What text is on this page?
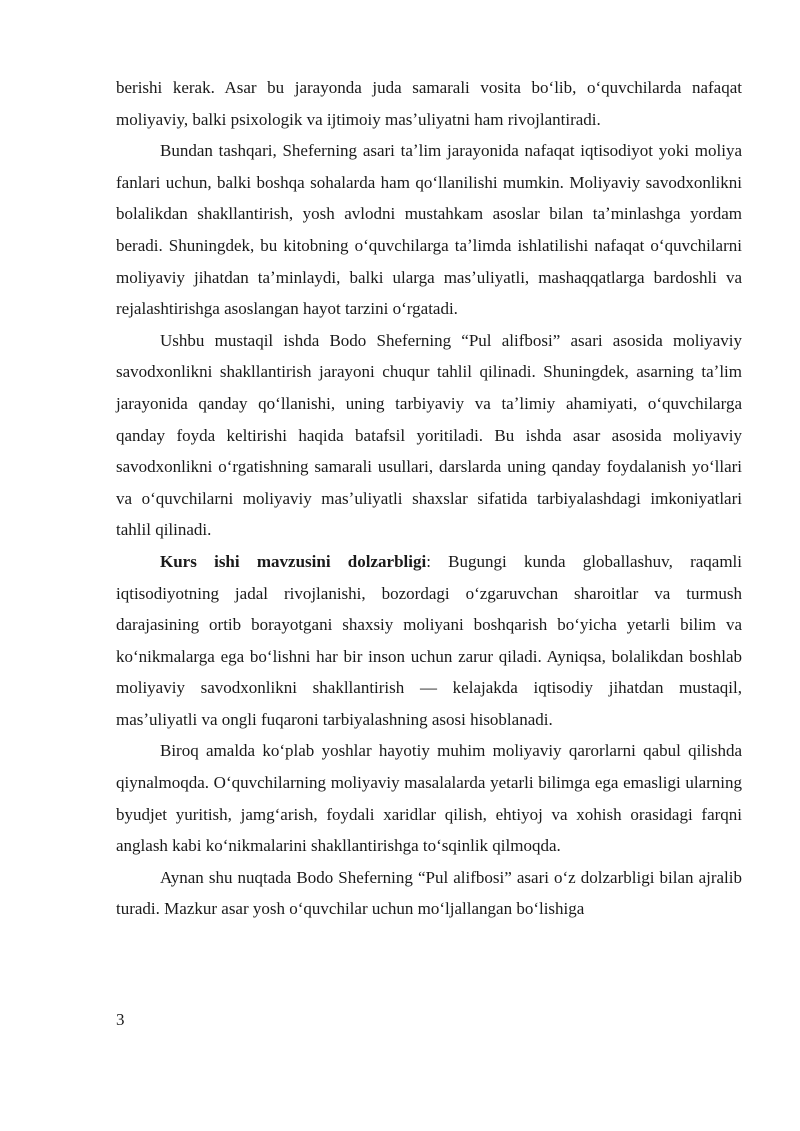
berishi kerak. Asar bu jarayonda juda samarali vosita boʻlib, oʻquvchilarda nafaqat moliyaviy, balki psixologik va ijtimoiy masʼuliyatni ham rivojlantiradi.

Bundan tashqari, Sheferning asari taʼlim jarayonida nafaqat iqtisodiyot yoki moliya fanlari uchun, balki boshqa sohalarda ham qoʻllanilishi mumkin. Moliyaviy savodxonlikni bolalikdan shakllantirish, yosh avlodni mustahkam asoslar bilan taʼminlashga yordam beradi. Shuningdek, bu kitobning oʻquvchilarga taʼlimda ishlatilishi nafaqat oʻquvchilarni moliyaviy jihatdan taʼminlaydi, balki ularga masʼuliyatli, mashaqqatlarga bardoshli va rejalashtirishga asoslangan hayot tarzini oʻrgatadi.

Ushbu mustaqil ishda Bodo Sheferning “Pul alifbosi” asari asosida moliyaviy savodxonlikni shakllantirish jarayoni chuqur tahlil qilinadi. Shuningdek, asarning taʼlim jarayonida qanday qoʻllanishi, uning tarbiyaviy va taʼlimiy ahamiyati, oʻquvchilarga qanday foyda keltirishi haqida batafsil yoritiladi. Bu ishda asar asosida moliyaviy savodxonlikni oʻrgatishning samarali usullari, darslarda uning qanday foydalanish yoʻllari va oʻquvchilarni moliyaviy masʼuliyatli shaxslar sifatida tarbiyalashdagi imkoniyatlari tahlil qilinadi.

Kurs ishi mavzusini dolzarbligi: Bugungi kunda globallashuv, raqamli iqtisodiyotning jadal rivojlanishi, bozordagi oʻzgaruvchan sharoitlar va turmush darajasining ortib borayotgani shaxsiy moliyani boshqarish boʻyicha yetarli bilim va koʻnikmalarga ega boʻlishni har bir inson uchun zarur qiladi. Ayniqsa, bolalikdan boshlab moliyaviy savodxonlikni shakllantirish — kelajakda iqtisodiy jihatdan mustaqil, masʼuliyatli va ongli fuqaroni tarbiyalashning asosi hisoblanadi.

Biroq amalda koʻplab yoshlar hayotiy muhim moliyaviy qarorlarni qabul qilishda qiynalmoqda. Oʻquvchilarning moliyaviy masalalarda yetarli bilimga ega emasligi ularning byudjet yuritish, jamgʻarish, foydali xaridlar qilish, ehtiyoj va xohish orasidagi farqni anglash kabi koʻnikmalarini shakllantirishga toʻsqinlik qilmoqda.

Aynan shu nuqtada Bodo Sheferning “Pul alifbosi” asari oʻz dolzarbligi bilan ajralib turadi. Mazkur asar yosh oʻquvchilar uchun moʻljallangan boʻlishiga

3
